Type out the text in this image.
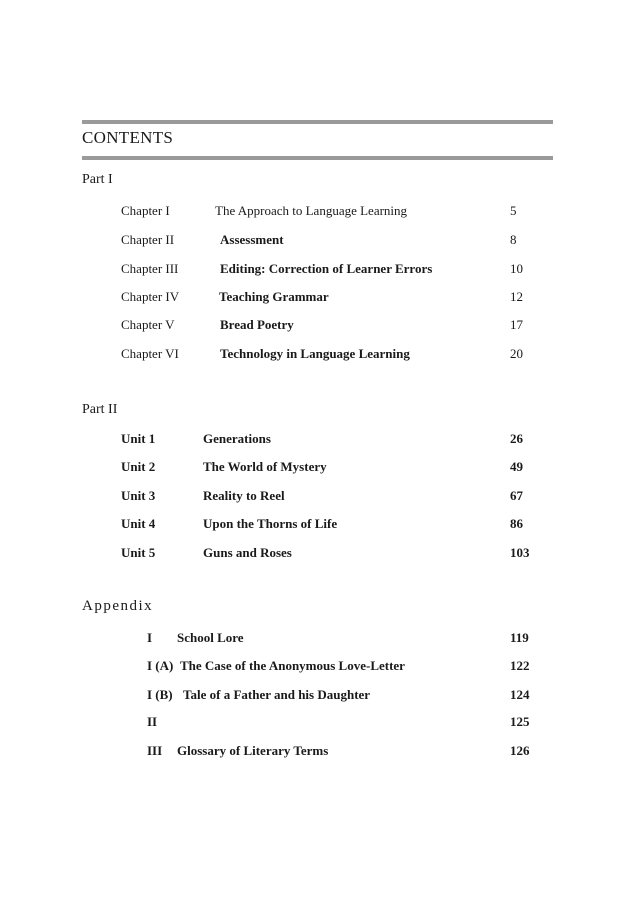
CONTENTS
Part I
Chapter I	The Approach to Language Learning	5
Chapter II	Assessment	8
Chapter III	Editing: Correction of Learner Errors	10
Chapter IV	Teaching Grammar	12
Chapter V	Bread Poetry	17
Chapter VI	Technology in Language Learning	20
Part II
Unit 1	Generations	26
Unit 2	The World of Mystery	49
Unit 3	Reality to Reel	67
Unit 4	Upon the Thorns of Life	86
Unit 5	Guns and Roses	103
Appendix
I School Lore	119
I (A) The Case of the Anonymous Love-Letter	122
I (B) Tale of a Father and his Daughter	124
II	125
III Glossary of Literary Terms	126
